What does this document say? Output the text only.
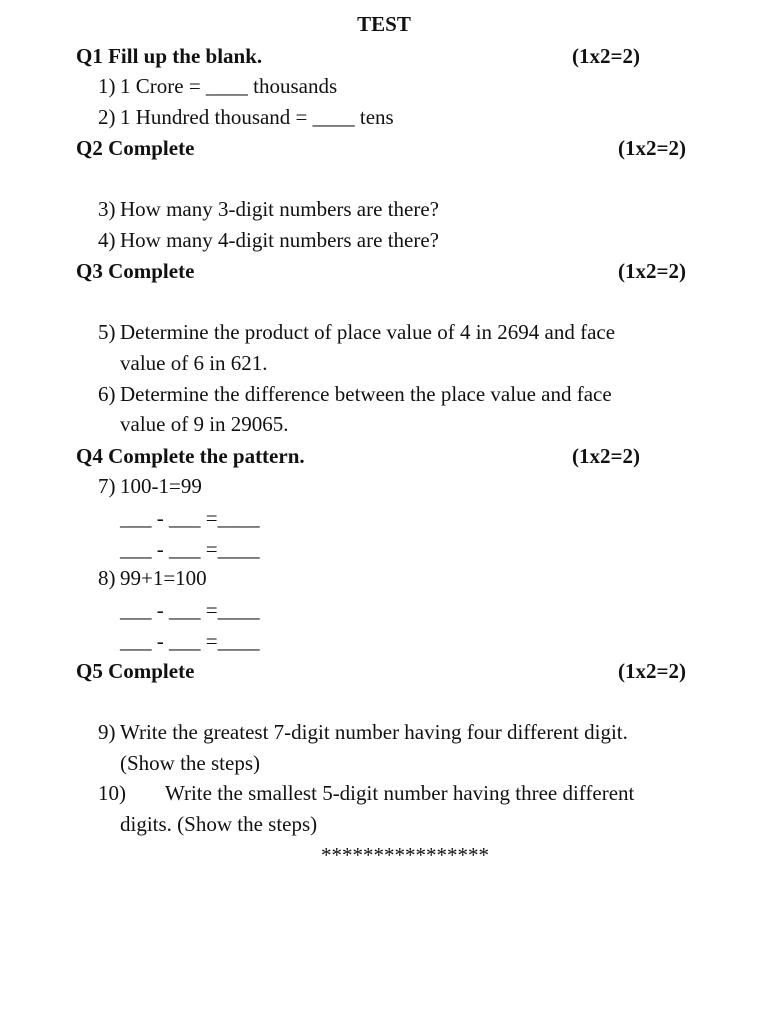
TEST
Q1 Fill up the blank.	(1x2=2)
1) 1 Crore = ____ thousands
2) 1 Hundred thousand = ____ tens
Q2 Complete	(1x2=2)
3) How many 3-digit numbers are there?
4) How many 4-digit numbers are there?
Q3 Complete	(1x2=2)
5) Determine the product of place value of 4 in 2694 and face
value of 6 in 621.
6) Determine the difference between the place value and face
value of 9 in 29065.
Q4 Complete the pattern.	(1x2=2)
7) 100-1=99
___ - ___ =____
___ - ___ =____
8) 99+1=100
___ - ___ =____
___ - ___ =____
Q5 Complete	(1x2=2)
9) Write the greatest 7-digit number having four different digit.
(Show the steps)
10) Write the smallest 5-digit number having three different
digits. (Show the steps)
****************
